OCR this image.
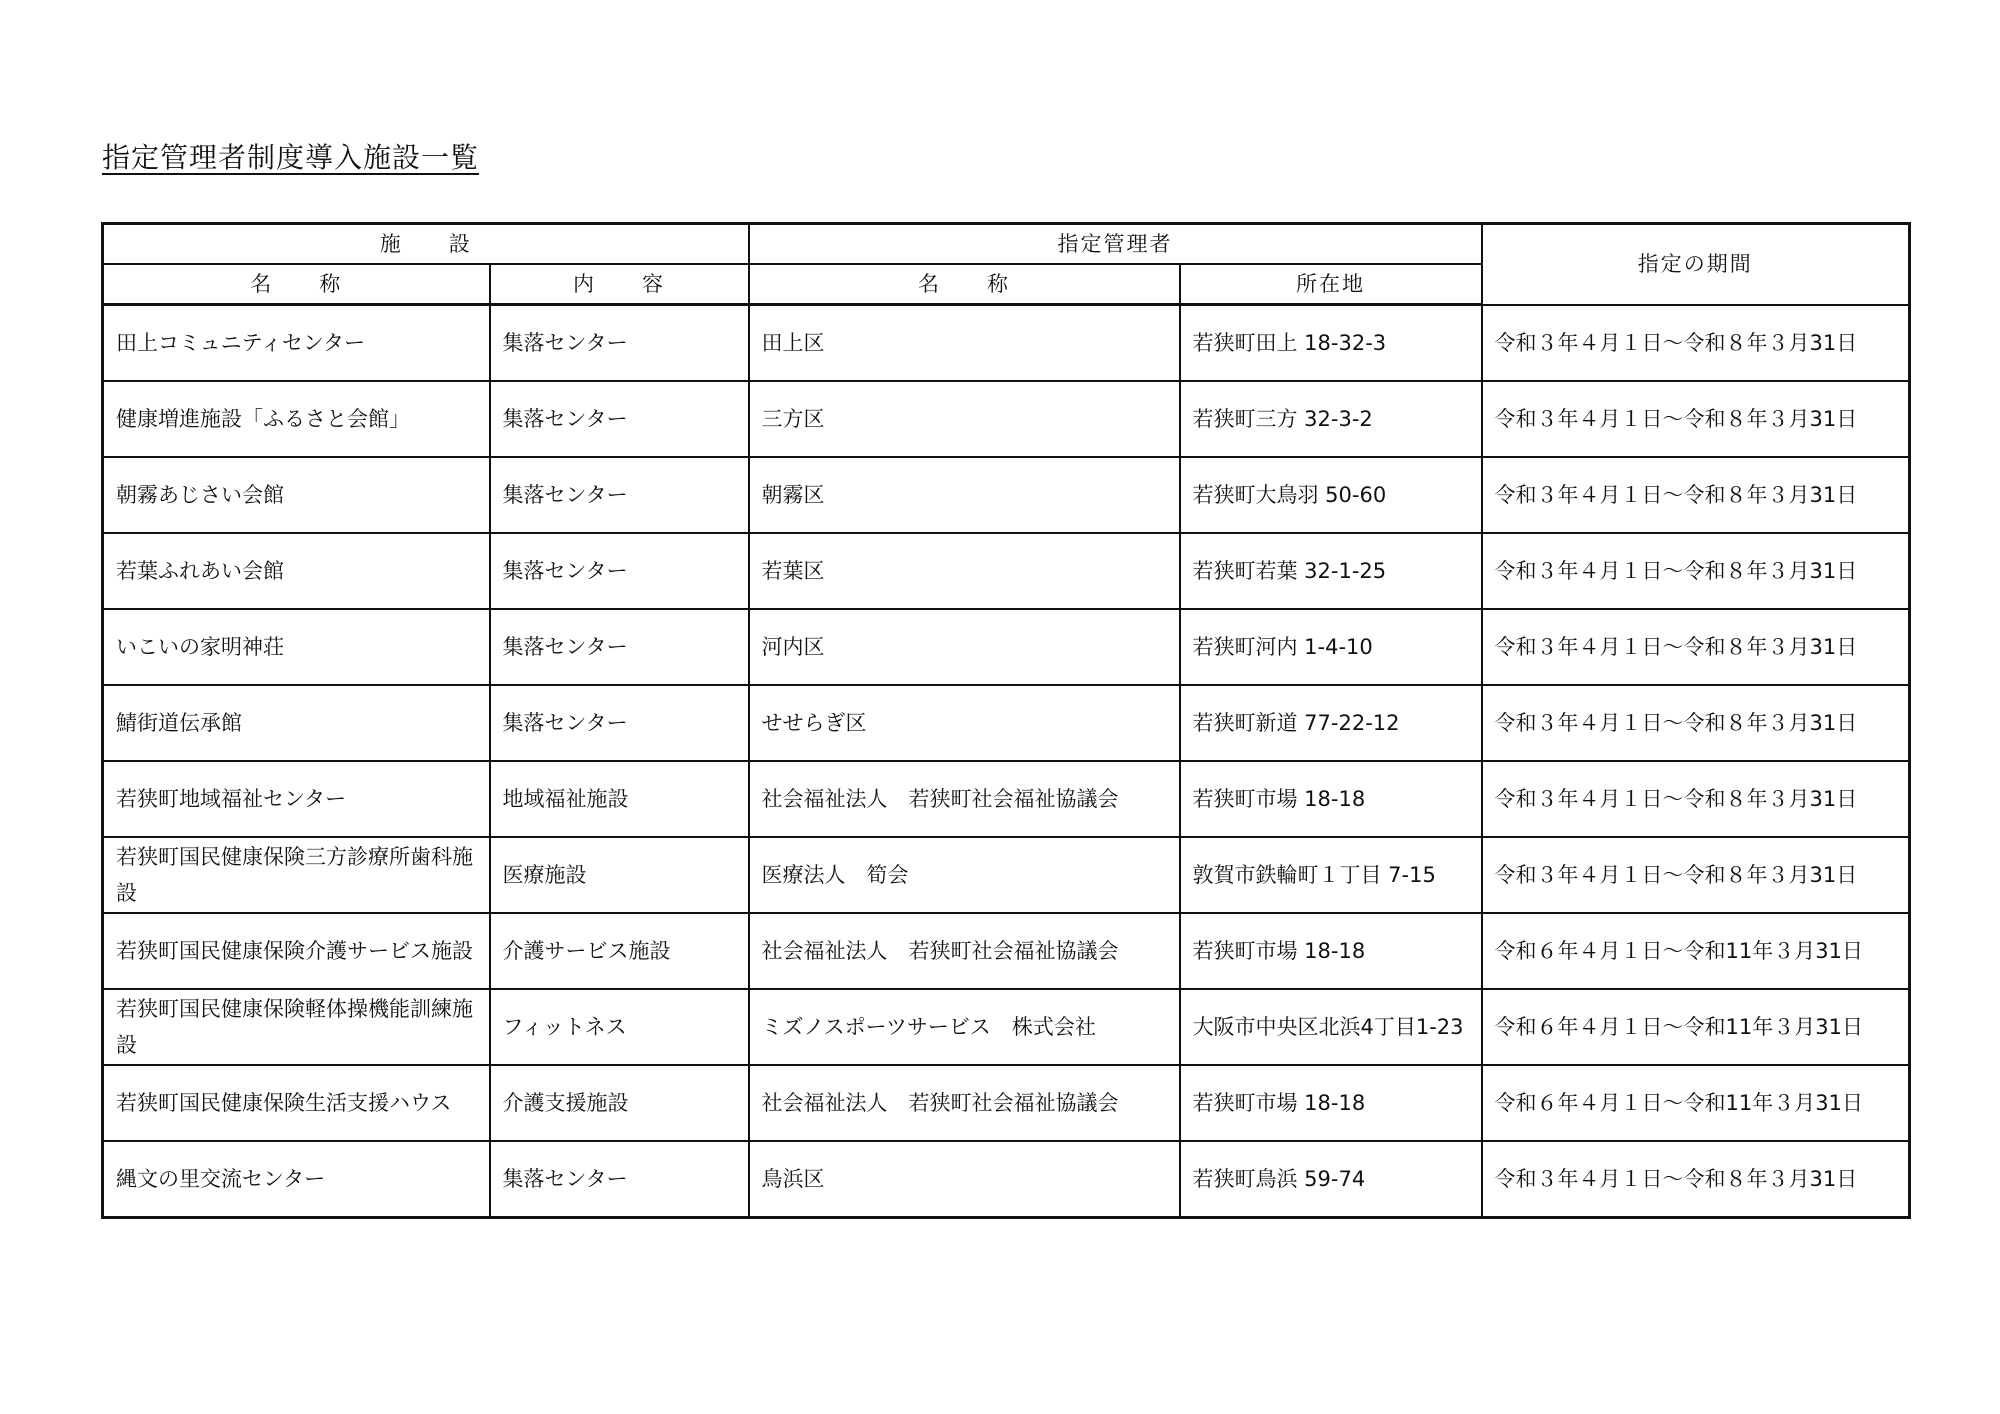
指定管理者制度導入施設一覧
施　　設		指定管理者		指定の期間
名　　称	内　　容	名　　称	所在地	
田上コミュニティセンター	集落センター	田上区	若狭町田上 18-32-3	令和３年４月１日～令和８年３月31日
健康増進施設「ふるさと会館」	集落センター	三方区	若狭町三方 32-3-2	令和３年４月１日～令和８年３月31日
朝霧あじさい会館	集落センター	朝霧区	若狭町大鳥羽 50-60	令和３年４月１日～令和８年３月31日
若葉ふれあい会館	集落センター	若葉区	若狭町若葉 32-1-25	令和３年４月１日～令和８年３月31日
いこいの家明神荘	集落センター	河内区	若狭町河内 1-4-10	令和３年４月１日～令和８年３月31日
鯖街道伝承館	集落センター	せせらぎ区	若狭町新道 77-22-12	令和３年４月１日～令和８年３月31日
若狭町地域福祉センター	地域福祉施設	社会福祉法人　若狭町社会福祉協議会	若狭町市場 18-18	令和３年４月１日～令和８年３月31日
若狭町国民健康保険三方診療所歯科施設	医療施設	医療法人　筍会	敦賀市鉄輪町１丁目 7-15	令和３年４月１日～令和８年３月31日
若狭町国民健康保険介護サービス施設	介護サービス施設	社会福祉法人　若狭町社会福祉協議会	若狭町市場 18-18	令和６年４月１日～令和11年３月31日
若狭町国民健康保険軽体操機能訓練施設	フィットネス	ミズノスポーツサービス　株式会社	大阪市中央区北浜4丁目1-23	令和６年４月１日～令和11年３月31日
若狭町国民健康保険生活支援ハウス	介護支援施設	社会福祉法人　若狭町社会福祉協議会	若狭町市場 18-18	令和６年４月１日～令和11年３月31日
縄文の里交流センター	集落センター	鳥浜区	若狭町鳥浜 59-74	令和３年４月１日～令和８年３月31日
